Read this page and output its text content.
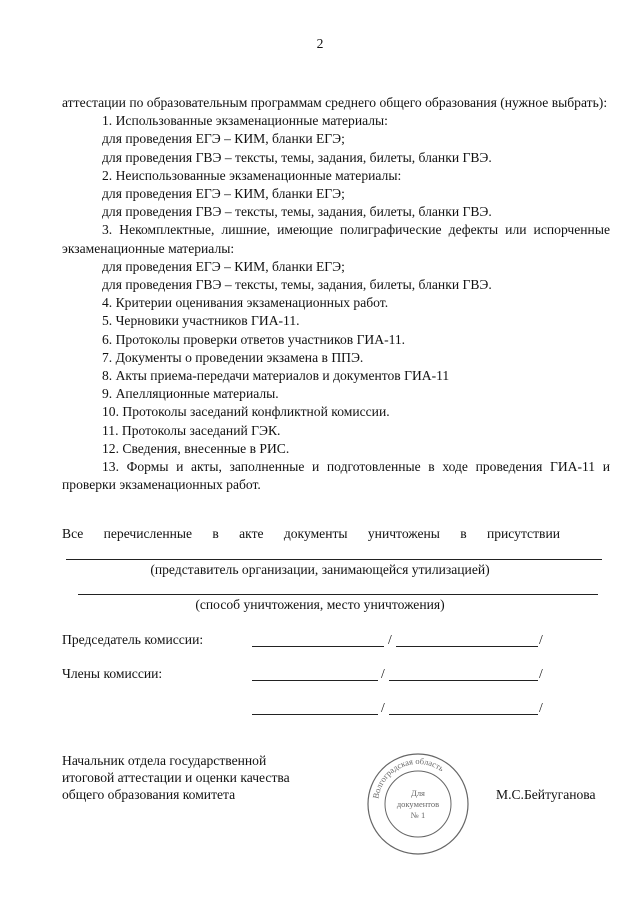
2

аттестации по образовательным программам среднего общего образования (нужное выбрать):

1. Использованные экзаменационные материалы:

для проведения ЕГЭ – КИМ, бланки ЕГЭ;

для проведения ГВЭ – тексты, темы, задания, билеты, бланки ГВЭ.

2. Неиспользованные экзаменационные материалы:

для проведения ЕГЭ – КИМ, бланки ЕГЭ;

для проведения ГВЭ – тексты, темы, задания, билеты, бланки ГВЭ.

3. Некомплектные, лишние, имеющие полиграфические дефекты или испорченные экзаменационные материалы:

для проведения ЕГЭ – КИМ, бланки ЕГЭ;

для проведения ГВЭ – тексты, темы, задания, билеты, бланки ГВЭ.

4. Критерии оценивания экзаменационных работ.

5. Черновики участников ГИА-11.

6. Протоколы проверки ответов участников ГИА-11.

7. Документы о проведении экзамена в ППЭ.

8. Акты приема-передачи материалов и документов ГИА-11

9. Апелляционные материалы.

10. Протоколы заседаний конфликтной комиссии.

11. Протоколы заседаний ГЭК.

12. Сведения, внесенные в РИС.

13. Формы и акты, заполненные и подготовленные в ходе проведения ГИА-11 и проверки экзаменационных работ.

Все перечисленные в акте документы уничтожены в присутствии
(представитель организации, занимающейся утилизацией)
(способ уничтожения, место уничтожения)
Председатель комиссии:	/	/
Члены комиссии:	/	/
/	/
Начальник отдела государственной
итоговой аттестации и оценки качества
общего образования комитета	М.С.Бейтуганова
Волгоградская область
Для
документов
№ 1
